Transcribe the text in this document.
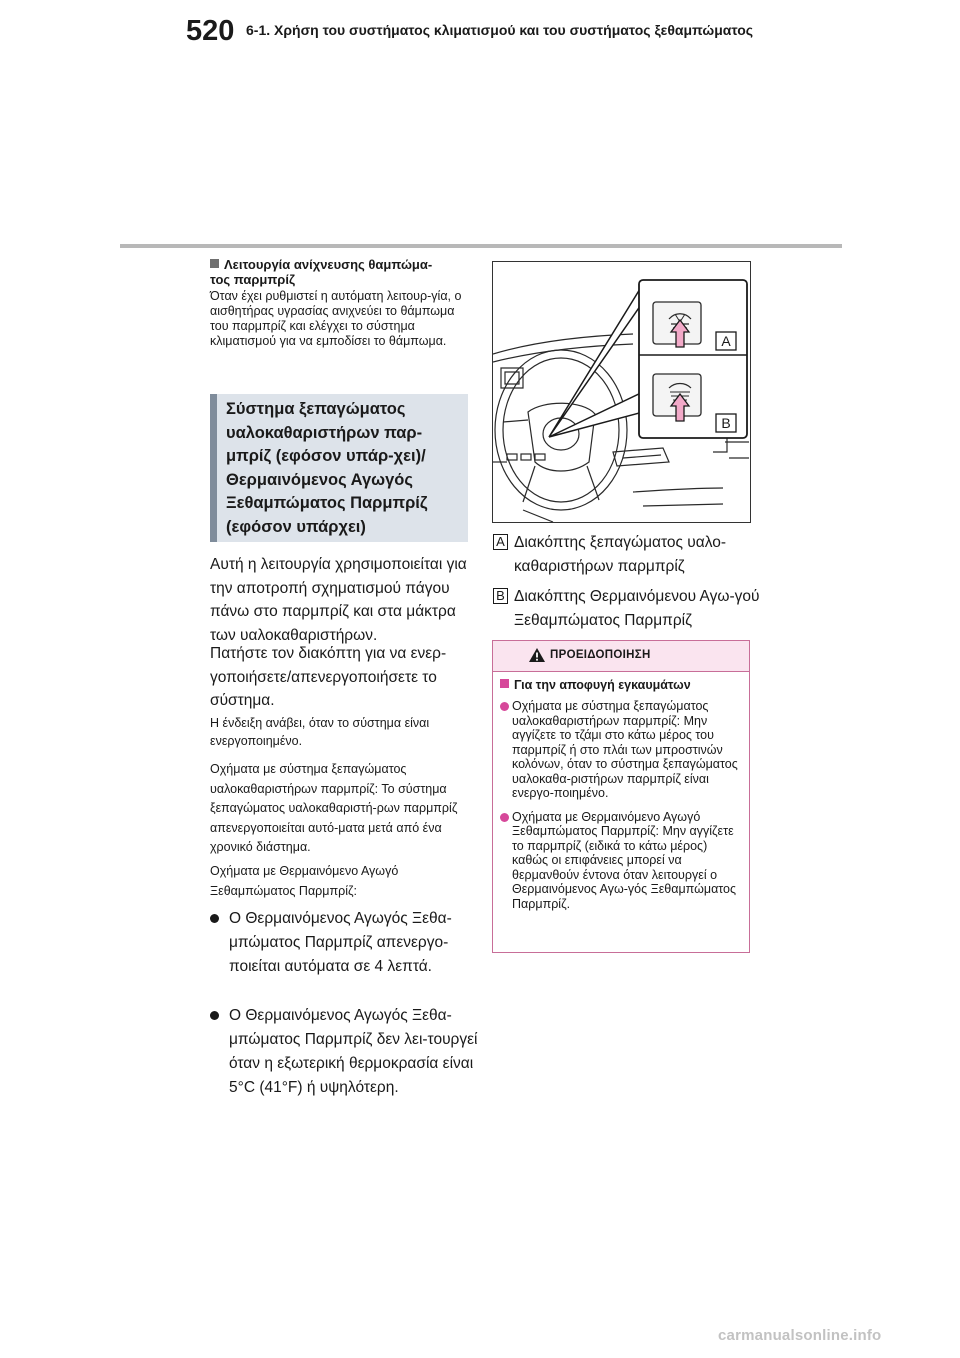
520 6-1. Χρήση του συστήματος κλιματισμού και του συστήματος ξεθαμπώματος
Λειτουργία ανίχνευσης θαμπώμα-
τος παρμπρίζ
Όταν έχει ρυθμιστεί η αυτόματη λειτουρ-γία, ο αισθητήρας υγρασίας ανιχνεύει το θάμπωμα του παρμπρίζ και ελέγχει το σύστημα κλιματισμού για να εμποδίσει το θάμπωμα.
Σύστημα ξεπαγώματος υαλοκαθαριστήρων παρ-μπρίζ (εφόσον υπάρ-χει)/Θερμαινόμενος Αγωγός Ξεθαμπώματος Παρμπρίζ (εφόσον υπάρχει)
Αυτή η λειτουργία χρησιμοποιείται για την αποτροπή σχηματισμού πάγου πάνω στο παρμπρίζ και στα μάκτρα των υαλοκαθαριστήρων.
Πατήστε τον διακόπτη για να ενερ-γοποιήσετε/απενεργοποιήσετε το σύστημα.
Η ένδειξη ανάβει, όταν το σύστημα είναι ενεργοποιημένο.
Οχήματα με σύστημα ξεπαγώματος υαλοκαθαριστήρων παρμπρίζ: Το σύστημα ξεπαγώματος υαλοκαθαριστή-ρων παρμπρίζ απενεργοποιείται αυτό-ματα μετά από ένα χρονικό διάστημα.
Οχήματα με Θερμαινόμενο Αγωγό Ξεθαμπώματος Παρμπρίζ:
Ο Θερμαινόμενος Αγωγός Ξεθα-μπώματος Παρμπρίζ απενεργο-ποιείται αυτόματα σε 4 λεπτά.
Ο Θερμαινόμενος Αγωγός Ξεθα-μπώματος Παρμπρίζ δεν λει-τουργεί όταν η εξωτερική θερμοκρασία είναι 5°C (41°F) ή υψηλότερη.
A
B
A Διακόπτης ξεπαγώματος υαλο-καθαριστήρων παρμπρίζ
B Διακόπτης Θερμαινόμενου Αγω-γού Ξεθαμπώματος Παρμπρίζ
ΠΡΟΕΙΔΟΠΟΙΗΣΗ
Για την αποφυγή εγκαυμάτων
Οχήματα με σύστημα ξεπαγώματος υαλοκαθαριστήρων παρμπρίζ: Μην αγγίζετε το τζάμι στο κάτω μέρος του παρμπρίζ ή στο πλάι των μπροστινών κολόνων, όταν το σύστημα ξεπαγώματος υαλοκαθα-ριστήρων παρμπρίζ είναι ενεργο-ποιημένο.
Οχήματα με Θερμαινόμενο Αγωγό Ξεθαμπώματος Παρμπρίζ: Μην αγγίζετε το παρμπρίζ (ειδικά το κάτω μέρος) καθώς οι επιφάνειες μπορεί να θερμανθούν έντονα όταν λειτουργεί ο Θερμαινόμενος Αγω-γός Ξεθαμπώματος Παρμπρίζ.
carmanualsonline.info
